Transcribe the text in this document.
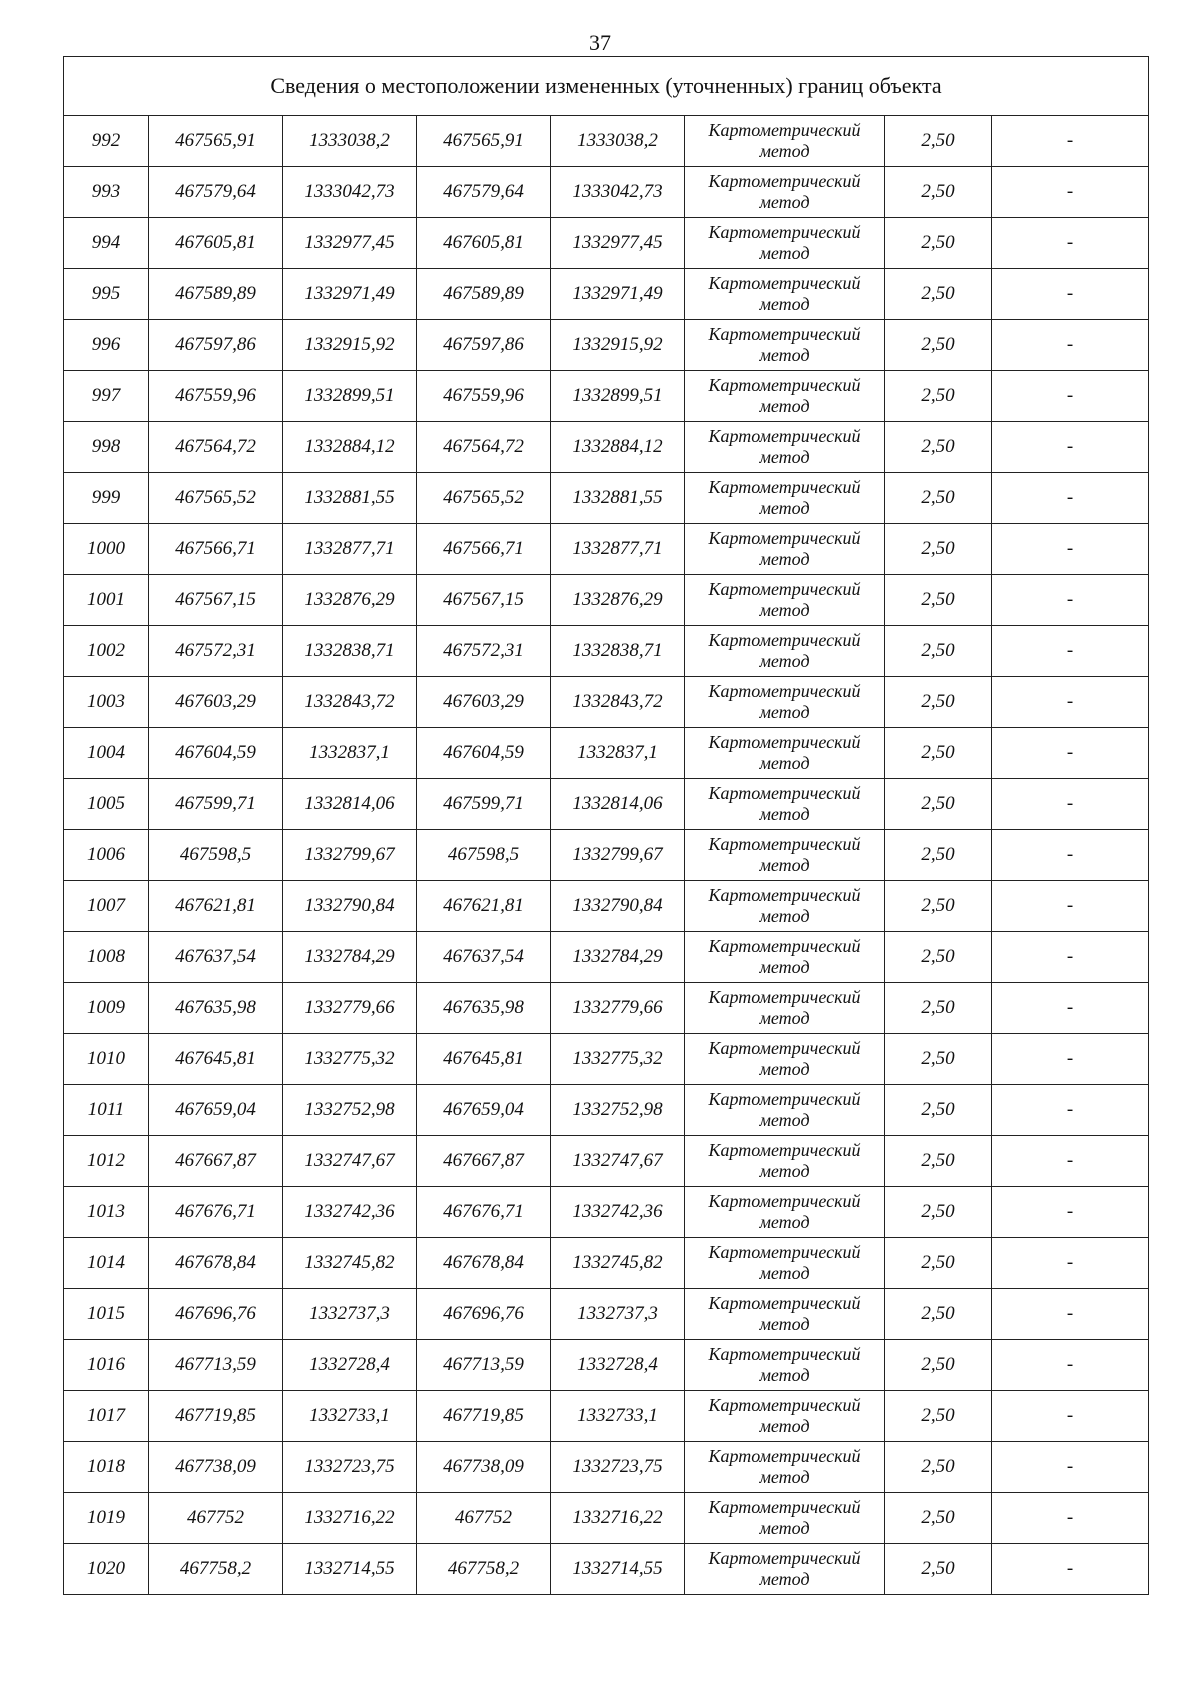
37
Сведения о местоположении измененных (уточненных) границ объекта							
992	467565,91	1333038,2	467565,91	1333038,2	Картометрический
метод	2,50	-
993	467579,64	1333042,73	467579,64	1333042,73	Картометрический
метод	2,50	-
994	467605,81	1332977,45	467605,81	1332977,45	Картометрический
метод	2,50	-
995	467589,89	1332971,49	467589,89	1332971,49	Картометрический
метод	2,50	-
996	467597,86	1332915,92	467597,86	1332915,92	Картометрический
метод	2,50	-
997	467559,96	1332899,51	467559,96	1332899,51	Картометрический
метод	2,50	-
998	467564,72	1332884,12	467564,72	1332884,12	Картометрический
метод	2,50	-
999	467565,52	1332881,55	467565,52	1332881,55	Картометрический
метод	2,50	-
1000	467566,71	1332877,71	467566,71	1332877,71	Картометрический
метод	2,50	-
1001	467567,15	1332876,29	467567,15	1332876,29	Картометрический
метод	2,50	-
1002	467572,31	1332838,71	467572,31	1332838,71	Картометрический
метод	2,50	-
1003	467603,29	1332843,72	467603,29	1332843,72	Картометрический
метод	2,50	-
1004	467604,59	1332837,1	467604,59	1332837,1	Картометрический
метод	2,50	-
1005	467599,71	1332814,06	467599,71	1332814,06	Картометрический
метод	2,50	-
1006	467598,5	1332799,67	467598,5	1332799,67	Картометрический
метод	2,50	-
1007	467621,81	1332790,84	467621,81	1332790,84	Картометрический
метод	2,50	-
1008	467637,54	1332784,29	467637,54	1332784,29	Картометрический
метод	2,50	-
1009	467635,98	1332779,66	467635,98	1332779,66	Картометрический
метод	2,50	-
1010	467645,81	1332775,32	467645,81	1332775,32	Картометрический
метод	2,50	-
1011	467659,04	1332752,98	467659,04	1332752,98	Картометрический
метод	2,50	-
1012	467667,87	1332747,67	467667,87	1332747,67	Картометрический
метод	2,50	-
1013	467676,71	1332742,36	467676,71	1332742,36	Картометрический
метод	2,50	-
1014	467678,84	1332745,82	467678,84	1332745,82	Картометрический
метод	2,50	-
1015	467696,76	1332737,3	467696,76	1332737,3	Картометрический
метод	2,50	-
1016	467713,59	1332728,4	467713,59	1332728,4	Картометрический
метод	2,50	-
1017	467719,85	1332733,1	467719,85	1332733,1	Картометрический
метод	2,50	-
1018	467738,09	1332723,75	467738,09	1332723,75	Картометрический
метод	2,50	-
1019	467752	1332716,22	467752	1332716,22	Картометрический
метод	2,50	-
1020	467758,2	1332714,55	467758,2	1332714,55	Картометрический
метод	2,50	-
